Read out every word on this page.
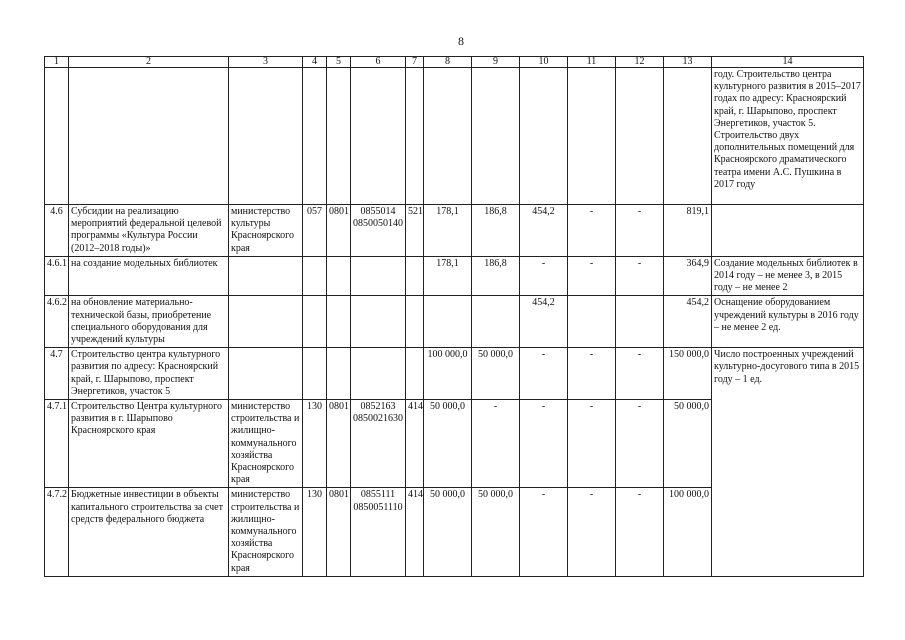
8
1	2	3	4	5	6	7	8	9	10	11	12	13	14
													году. Строительство центра культурного развития в 2015–2017 годах по адресу: Красноярский край, г. Шарыпово, проспект Энергетиков, участок 5. Строительство двух дополнительных помещений для Красноярского драматического театра имени А.С. Пушкина в 2017 году
4.6	Субсидии на реализацию мероприятий федеральной целевой программы «Культура России (2012–2018 годы)»	министерство культуры Красноярского края	057	0801	0855014 0850050140	521	178,1	186,8	454,2	-	-	819,1	
4.6.1	на создание модельных библиотек						178,1	186,8	-	-	-	364,9	Создание модельных библиотек в 2014 году – не менее 3, в 2015 году – не менее 2
4.6.2	на обновление материально-технической базы, приобретение специального оборудования для учреждений культуры								454,2			454,2	Оснащение оборудованием учреждений культуры в 2016 году – не менее 2 ед.
4.7	Строительство центра культурного развития по адресу: Красноярский край, г. Шарыпово, проспект Энергетиков, участок 5						100 000,0	50 000,0	-	-	-	150 000,0	Число построенных учреждений культурно-досугового типа в 2015 году – 1 ед.
4.7.1	Строительство Центра культурного развития в г. Шарыпово Красноярского края	министерство строительства и жилищно-коммунального хозяйства Красноярского края	130	0801	0852163 0850021630	414	50 000,0	-	-	-	-	50 000,0	
4.7.2	Бюджетные инвестиции в объекты капитального строительства за счет средств федерального бюджета	министерство строительства и жилищно-коммунального хозяйства Красноярского края	130	0801	0855111 0850051110	414	50 000,0	50 000,0	-	-	-	100 000,0	
